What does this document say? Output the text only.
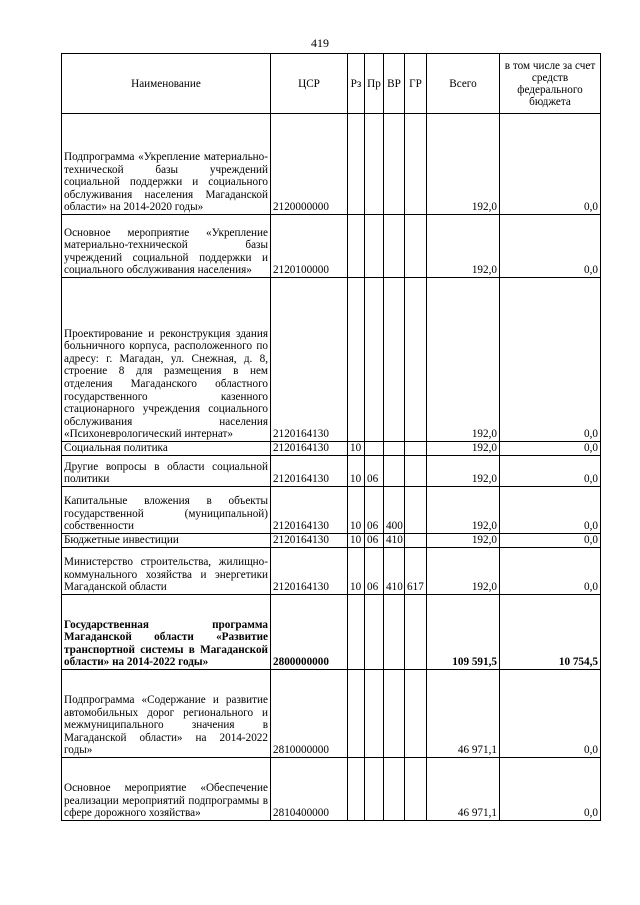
419
Наименование	ЦСР	Рз	Пр	ВР	ГР	Всего	в том числе за счет средств федерального бюджета
Подпрограмма «Укрепление материально-технической базы учреждений социальной поддержки и социального обслуживания населения Магаданской области» на 2014-2020 годы»	2120000000					192,0	0,0
Основное мероприятие «Укрепление материально-технической базы учреждений социальной поддержки и социального обслуживания населения»	2120100000					192,0	0,0
Проектирование и реконструкция здания больничного корпуса, расположенного по адресу: г. Магадан, ул. Снежная, д. 8, строение 8 для размещения в нем отделения Магаданского областного государственного казенного стационарного учреждения социального обслуживания населения «Психоневрологический интернат»	2120164130					192,0	0,0
Социальная политика	2120164130	10				192,0	0,0
Другие вопросы в области социальной политики	2120164130	10	06			192,0	0,0
Капитальные вложения в объекты государственной (муниципальной) собственности	2120164130	10	06	400		192,0	0,0
Бюджетные инвестиции	2120164130	10	06	410		192,0	0,0
Министерство строительства, жилищно-коммунального хозяйства и энергетики Магаданской области	2120164130	10	06	410	617	192,0	0,0
Государственная программа Магаданской области «Развитие транспортной системы в Магаданской области» на 2014-2022 годы»	2800000000					109 591,5	10 754,5
Подпрограмма «Содержание и развитие автомобильных дорог регионального и межмуниципального значения в Магаданской области» на 2014-2022 годы»	2810000000					46 971,1	0,0
Основное мероприятие «Обеспечение реализации мероприятий подпрограммы в сфере дорожного хозяйства»	2810400000					46 971,1	0,0
